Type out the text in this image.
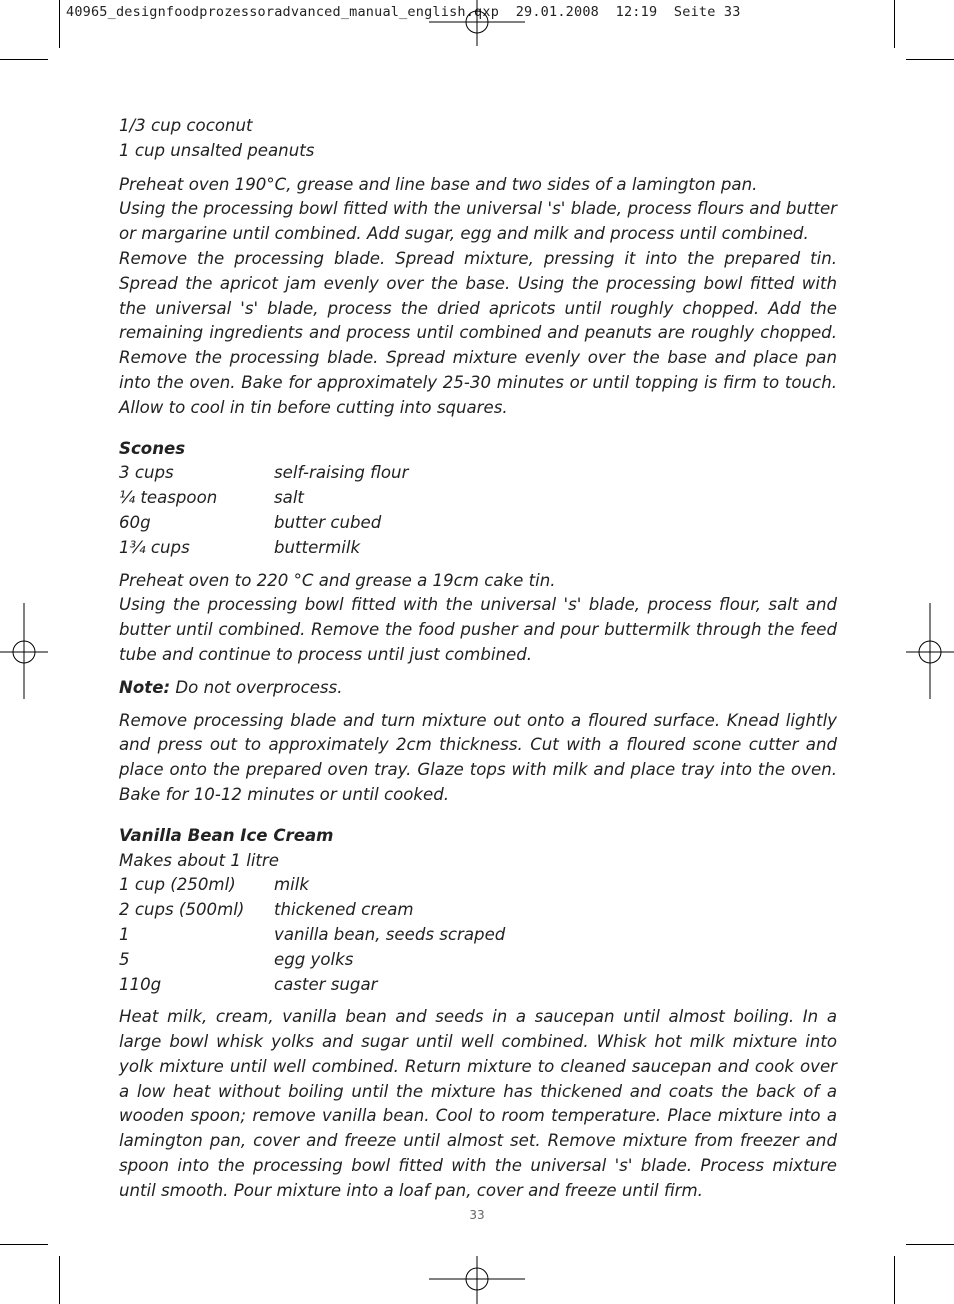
40965_designfoodprozessoradvanced_manual_english.qxp  29.01.2008  12:19  Seite 33

1/3 cup coconut

1 cup unsalted peanuts

Preheat oven 190°C, grease and line base and two sides of a lamington pan.

Using the processing bowl fitted with the universal 's' blade, process flours and butter or margarine until combined. Add sugar, egg and milk and process until combined.

Remove the processing blade. Spread mixture, pressing it into the prepared tin. Spread the apricot jam evenly over the base. Using the processing bowl fitted with the universal 's' blade, process the dried apricots until roughly chopped. Add the remaining ingredients and process until combined and peanuts are roughly chopped. Remove the processing blade. Spread mixture evenly over the base and place pan into the oven. Bake for approximately 25-30 minutes or until topping is firm to touch. Allow to cool in tin before cutting into squares.

Scones

3 cups	self-raising flour
¼ teaspoon	salt
60g	butter cubed
1¾ cups	buttermilk

Preheat oven to 220 °C and grease a 19cm cake tin.

Using the processing bowl fitted with the universal 's' blade, process flour, salt and butter until combined. Remove the food pusher and pour buttermilk through the feed tube and continue to process until just combined.

Note: Do not overprocess.

Remove processing blade and turn mixture out onto a floured surface. Knead lightly and press out to approximately 2cm thickness. Cut with a floured scone cutter and place onto the prepared oven tray. Glaze tops with milk and place tray into the oven. Bake for 10-12 minutes or until cooked.

Vanilla Bean Ice Cream

Makes about 1 litre

1 cup (250ml)	milk
2 cups (500ml)	thickened cream
1	vanilla bean, seeds scraped
5	egg yolks
110g	caster sugar

Heat milk, cream, vanilla bean and seeds in a saucepan until almost boiling. In a large bowl whisk yolks and sugar until well combined. Whisk hot milk mixture into yolk mixture until well combined. Return mixture to cleaned saucepan and cook over a low heat without boiling until the mixture has thickened and coats the back of a wooden spoon; remove vanilla bean. Cool to room temperature. Place mixture into a lamington pan, cover and freeze until almost set. Remove mixture from freezer and spoon into the processing bowl fitted with the universal 's' blade. Process mixture until smooth. Pour mixture into a loaf pan, cover and freeze until firm.

33
